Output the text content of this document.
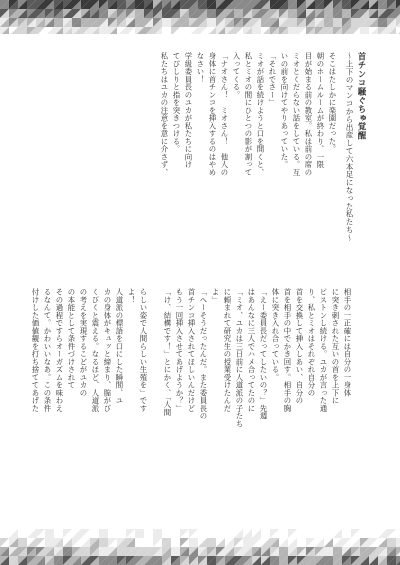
首チンコ騒ぐちゅ覚醒
〜上下のマンコから出産して六本足になった私たち〜
そこはたしかに楽園だった。
朝のホームルームが終わり、一限
目が始まる前の教室。私は前の席の
ミオとくだらない話をしている。互
いの前を向けてやりあっていた。
「それでさー」
ミオが話を続けようと口を開くと、
私とミオの間にひとつの影が割って
入ってくる。
「ナオさん！　ミオさん！　他人の
身体に首チンコを挿入するのはやめ
なさい！
学級委員長のユカが私たちに向け
てぴしりと指を突きつける。
私たちはユカの注意を意に介さず、
相手の一正確には自分の一身体
に突き刺された互いの首を上下に
ピストンし続ける。ユカが言った通
り、私とミオはそれぞれ自分の
首を交換して挿入しあい、自分の
首を相手の中でかき回す。相手の胸
体に突き入れ合っている。
「えー委員長だってしたいの？」先週
はあんなに三人でハメ合ってたのに
「ミオ、ユカは三日前に人道派の子たち
に頼まれて研究生の授業受けたんだ
よ」
「へーそうだったんだ。また委員長の
首チンコ挿入されてほしいんだけど
もう一回挿入させてあげようか？」
「け、結構です！」とにかく、「人間
らしい姿で人間らしい生殖を」です
よ！
人道派の標語を口にした瞬間、ユ
カの身体がキュッと締まり、膣がび
くびくと震える。なるほど、人道派
の考えを実現するこどがユカの
の本能として条件づけされて
その過程ですらオーガズムを味わえ
るなんて。かわいいなあ。この条件
付けした価値観を打ち捨ててあげた
